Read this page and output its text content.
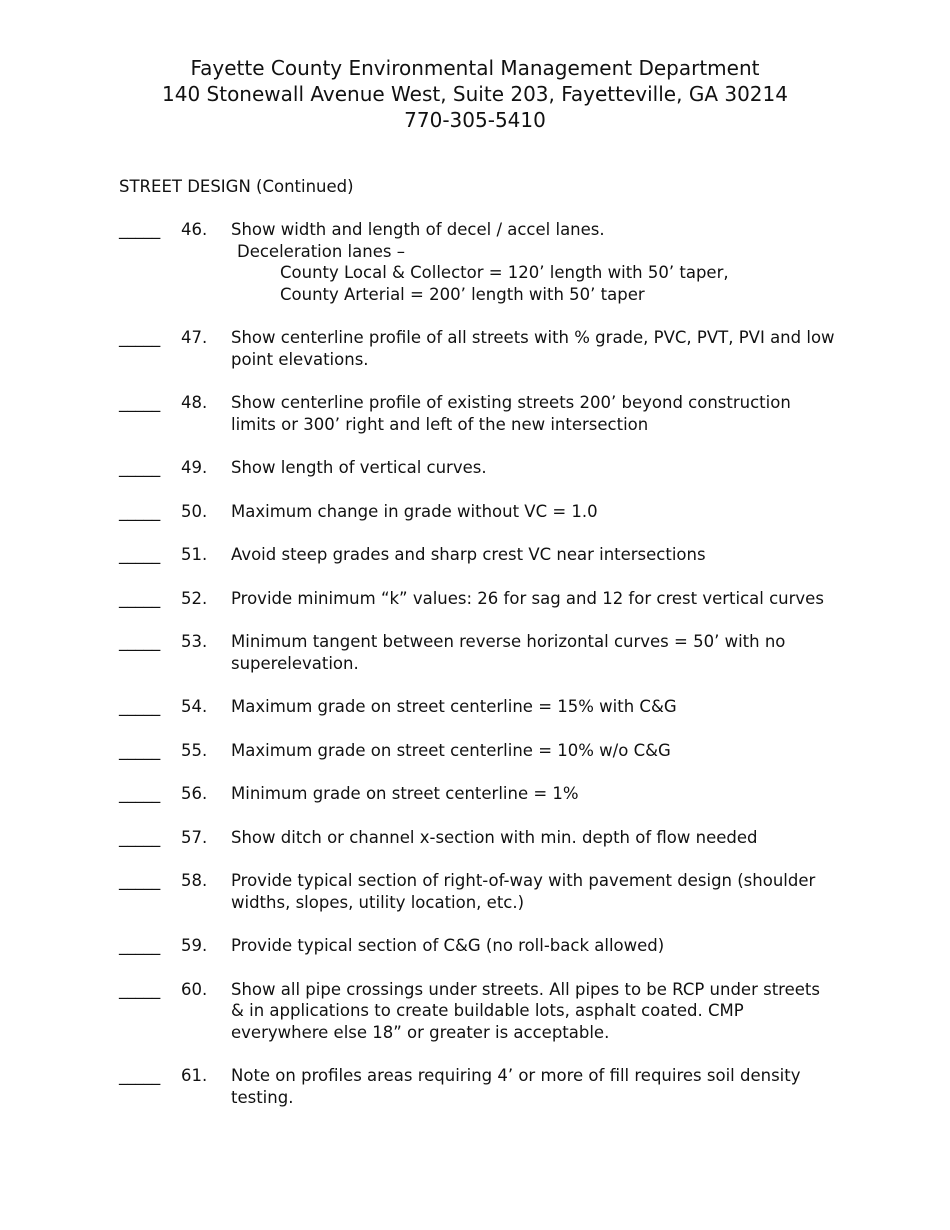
Fayette County Environmental Management Department
140 Stonewall Avenue West, Suite 203, Fayetteville, GA 30214
770-305-5410
STREET DESIGN (Continued)
_____ 46. Show width and length of decel / accel lanes.
Deceleration lanes –
County Local & Collector = 120’ length with 50’ taper,
County Arterial = 200’ length with 50’ taper
_____ 47. Show centerline profile of all streets with % grade, PVC, PVT, PVI and low point elevations.
_____ 48. Show centerline profile of existing streets 200’ beyond construction limits or 300’ right and left of the new intersection
_____ 49. Show length of vertical curves.
_____ 50. Maximum change in grade without VC = 1.0
_____ 51. Avoid steep grades and sharp crest VC near intersections
_____ 52. Provide minimum “k” values: 26 for sag and 12 for crest vertical curves
_____ 53. Minimum tangent between reverse horizontal curves = 50’ with no superelevation.
_____ 54. Maximum grade on street centerline = 15% with C&G
_____ 55. Maximum grade on street centerline = 10% w/o C&G
_____ 56. Minimum grade on street centerline = 1%
_____ 57. Show ditch or channel x-section with min. depth of flow needed
_____ 58. Provide typical section of right-of-way with pavement design (shoulder widths, slopes, utility location, etc.)
_____ 59. Provide typical section of C&G (no roll-back allowed)
_____ 60. Show all pipe crossings under streets. All pipes to be RCP under streets & in applications to create buildable lots, asphalt coated. CMP everywhere else 18” or greater is acceptable.
_____ 61. Note on profiles areas requiring 4’ or more of fill requires soil density testing.
